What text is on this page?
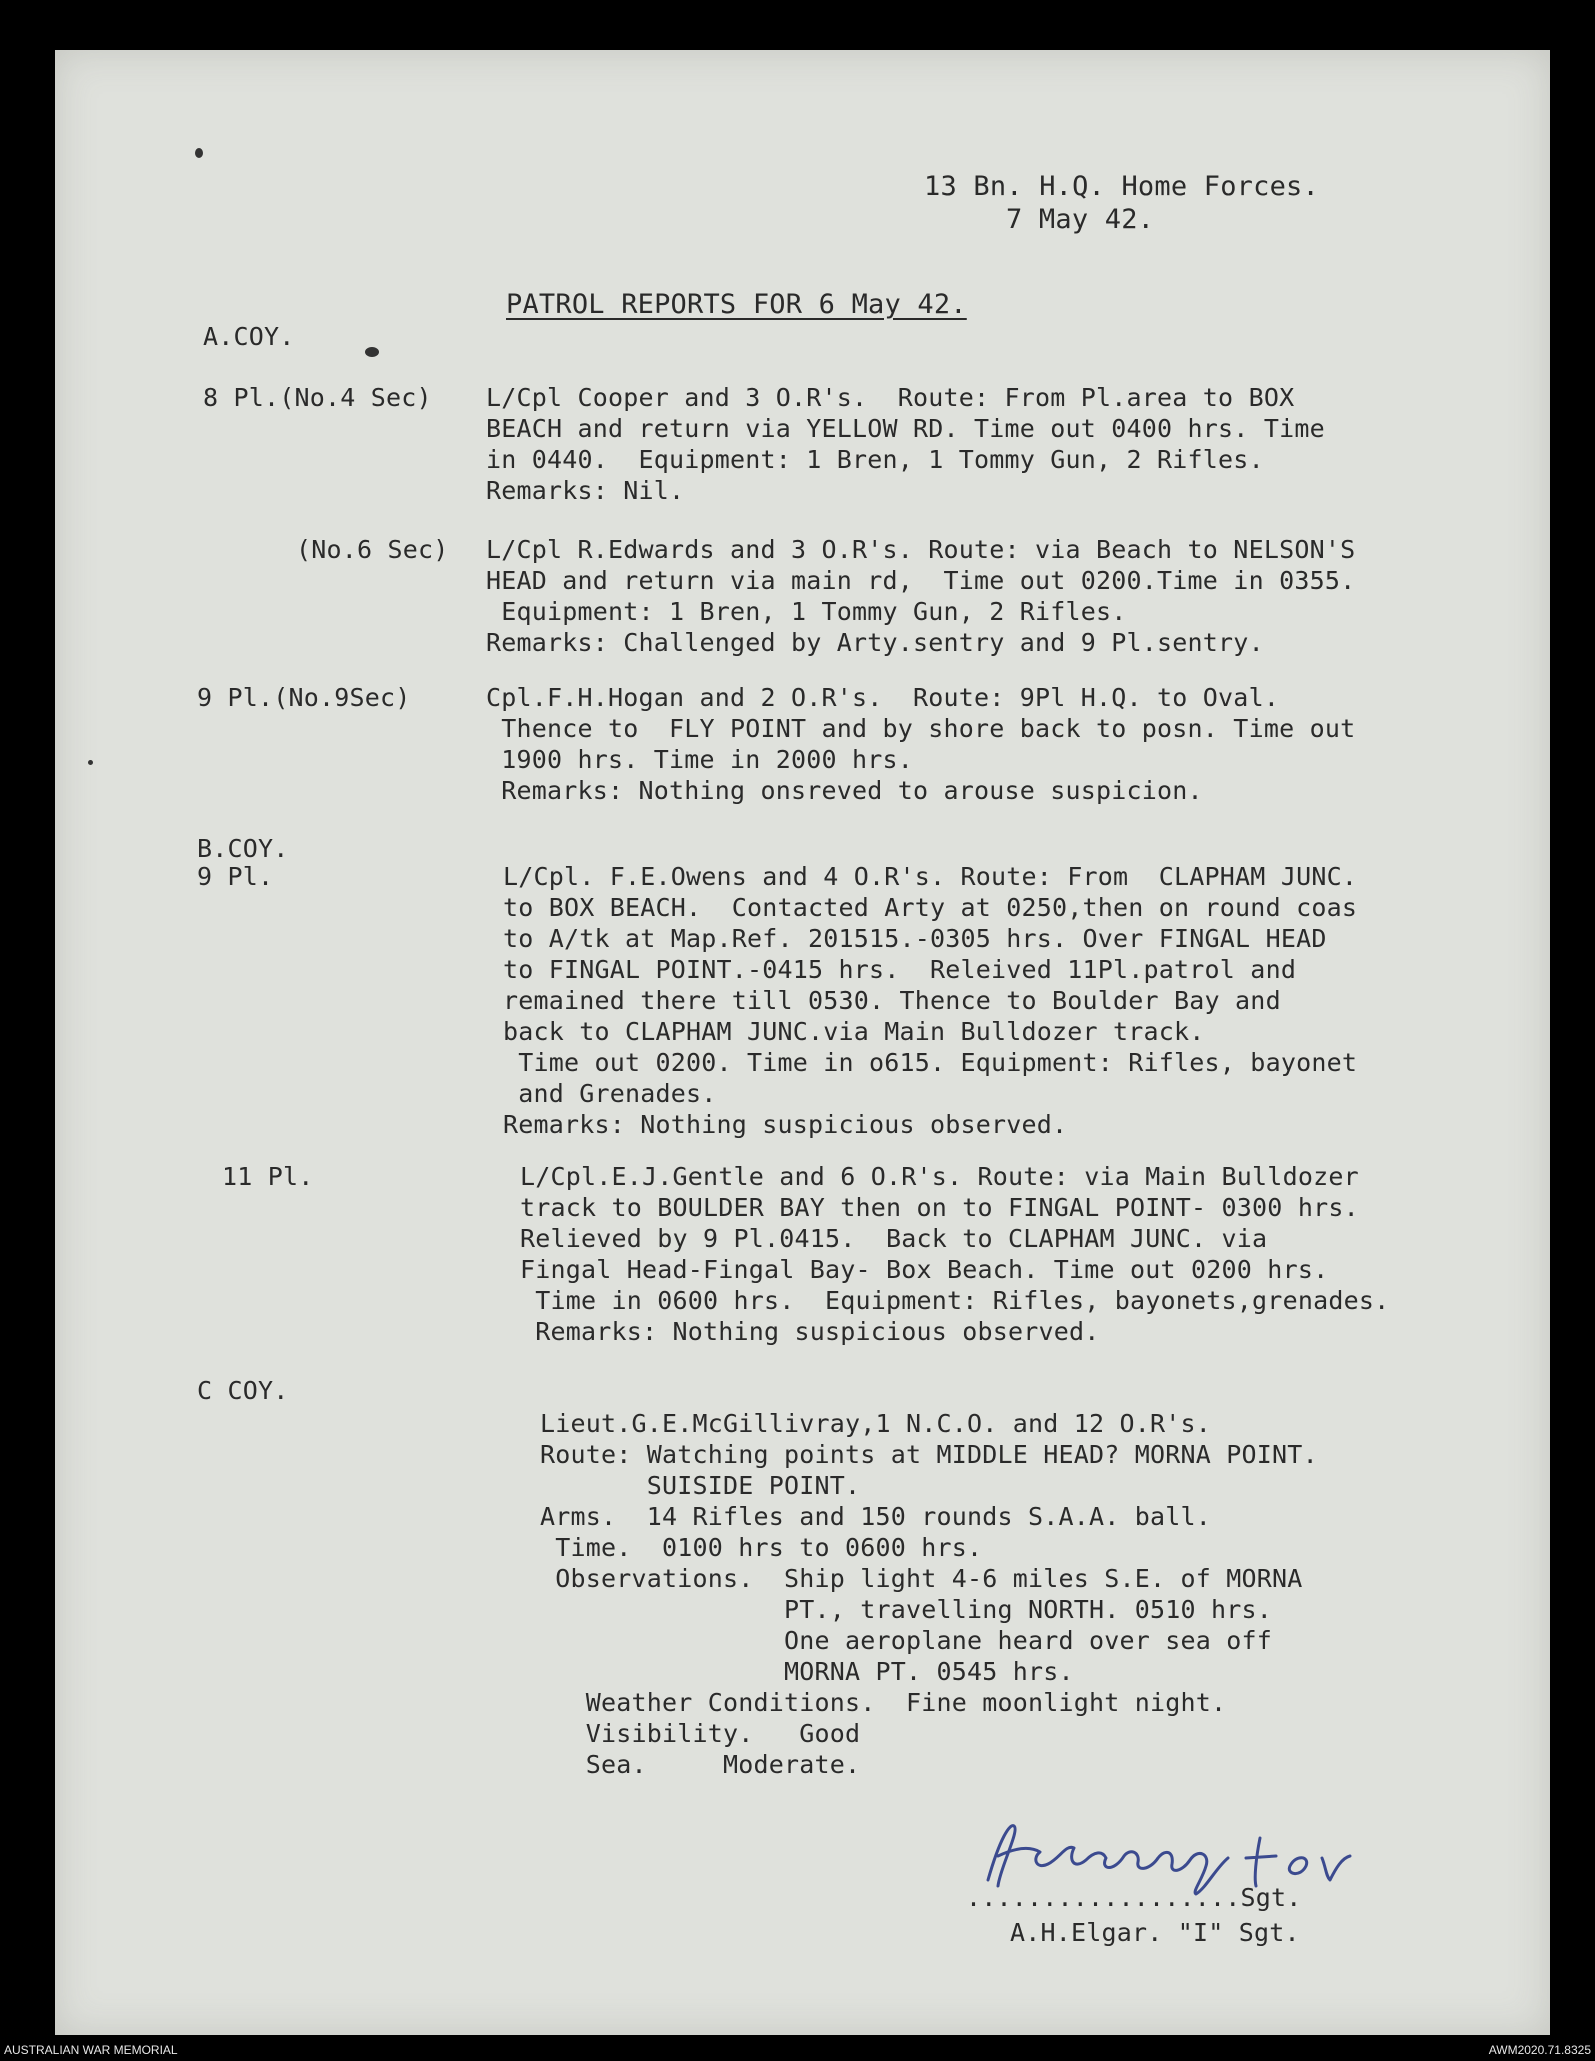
13 Bn. H.Q. Home Forces.
7 May 42.
PATROL REPORTS FOR 6 May 42.
A.COY.
8 Pl.(No.4 Sec) L/Cpl Cooper and 3 O.R's.  Route: From Pl.area to BOX
BEACH and return via YELLOW RD. Time out 0400 hrs. Time
in 0440.  Equipment: 1 Bren, 1 Tommy Gun, 2 Rifles.
Remarks: Nil.
(No.6 Sec) L/Cpl R.Edwards and 3 O.R's. Route: via Beach to NELSON'S
HEAD and return via main rd,  Time out 0200.Time in 0355.
Equipment: 1 Bren, 1 Tommy Gun, 2 Rifles.
Remarks: Challenged by Arty.sentry and 9 Pl.sentry.
9 Pl.(No.9Sec)	Cpl.F.H.Hogan and 2 O.R's.  Route: 9Pl H.Q. to Oval.
Thence to  FLY POINT and by shore back to posn. Time out
1900 hrs. Time in 2000 hrs.
Remarks: Nothing onsreved to arouse suspicion.
B.COY.
9 Pl.	L/Cpl. F.E.Owens and 4 O.R's. Route: From  CLAPHAM JUNC.
to BOX BEACH.  Contacted Arty at 0250,then on round coas
to A/tk at Map.Ref. 201515.-0305 hrs. Over FINGAL HEAD
to FINGAL POINT.-0415 hrs.  Releived 11Pl.patrol and
remained there till 0530. Thence to Boulder Bay and
back to CLAPHAM JUNC.via Main Bulldozer track.
Time out 0200. Time in o615. Equipment: Rifles, bayonet
and Grenades.
Remarks: Nothing suspicious observed.
11 Pl.	L/Cpl.E.J.Gentle and 6 O.R's. Route: via Main Bulldozer
track to BOULDER BAY then on to FINGAL POINT- 0300 hrs.
Relieved by 9 Pl.0415.  Back to CLAPHAM JUNC. via
Fingal Head-Fingal Bay- Box Beach. Time out 0200 hrs.
Time in 0600 hrs.  Equipment: Rifles, bayonets,grenades.
Remarks: Nothing suspicious observed.
C COY.
Lieut.G.E.McGillivray,1 N.C.O. and 12 O.R's.
Route: Watching points at MIDDLE HEAD? MORNA POINT.
SUISIDE POINT.
Arms.  14 Rifles and 150 rounds S.A.A. ball.
Time.  0100 hrs to 0600 hrs.
Observations.  Ship light 4-6 miles S.E. of MORNA
PT., travelling NORTH. 0510 hrs.
One aeroplane heard over sea off
MORNA PT. 0545 hrs.
Weather Conditions.  Fine moonlight night.
Visibility.   Good
Sea.     Moderate.
..................Sgt.
A.H.Elgar. "I" Sgt.
AUSTRALIAN WAR MEMORIAL	AWM2020.71.8325
